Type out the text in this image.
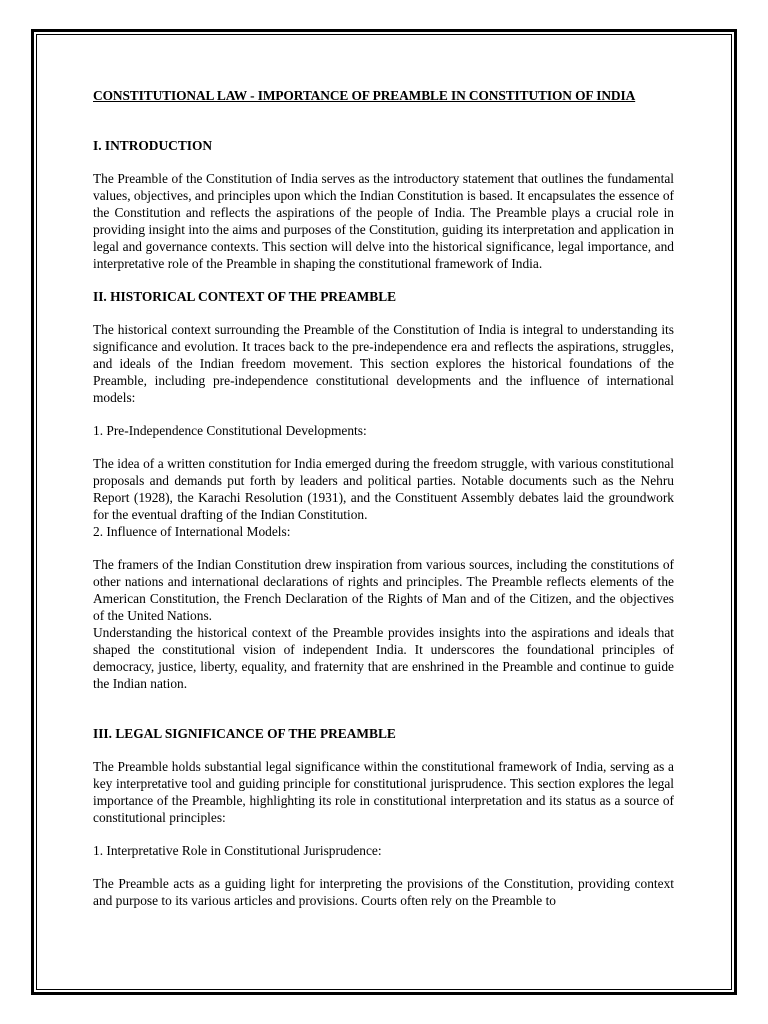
CONSTITUTIONAL LAW - IMPORTANCE OF PREAMBLE IN CONSTITUTION OF INDIA
I. INTRODUCTION

The Preamble of the Constitution of India serves as the introductory statement that outlines the fundamental values, objectives, and principles upon which the Indian Constitution is based. It encapsulates the essence of the Constitution and reflects the aspirations of the people of India. The Preamble plays a crucial role in providing insight into the aims and purposes of the Constitution, guiding its interpretation and application in legal and governance contexts. This section will delve into the historical significance, legal importance, and interpretative role of the Preamble in shaping the constitutional framework of India.

II. HISTORICAL CONTEXT OF THE PREAMBLE

The historical context surrounding the Preamble of the Constitution of India is integral to understanding its significance and evolution. It traces back to the pre-independence era and reflects the aspirations, struggles, and ideals of the Indian freedom movement. This section explores the historical foundations of the Preamble, including pre-independence constitutional developments and the influence of international models:

1. Pre-Independence Constitutional Developments:

The idea of a written constitution for India emerged during the freedom struggle, with various constitutional proposals and demands put forth by leaders and political parties. Notable documents such as the Nehru Report (1928), the Karachi Resolution (1931), and the Constituent Assembly debates laid the groundwork for the eventual drafting of the Indian Constitution.

2. Influence of International Models:

The framers of the Indian Constitution drew inspiration from various sources, including the constitutions of other nations and international declarations of rights and principles. The Preamble reflects elements of the American Constitution, the French Declaration of the Rights of Man and of the Citizen, and the objectives of the United Nations.

Understanding the historical context of the Preamble provides insights into the aspirations and ideals that shaped the constitutional vision of independent India. It underscores the foundational principles of democracy, justice, liberty, equality, and fraternity that are enshrined in the Preamble and continue to guide the Indian nation.

III. LEGAL SIGNIFICANCE OF THE PREAMBLE

The Preamble holds substantial legal significance within the constitutional framework of India, serving as a key interpretative tool and guiding principle for constitutional jurisprudence. This section explores the legal importance of the Preamble, highlighting its role in constitutional interpretation and its status as a source of constitutional principles:

1. Interpretative Role in Constitutional Jurisprudence:

The Preamble acts as a guiding light for interpreting the provisions of the Constitution, providing context and purpose to its various articles and provisions. Courts often rely on the Preamble to
